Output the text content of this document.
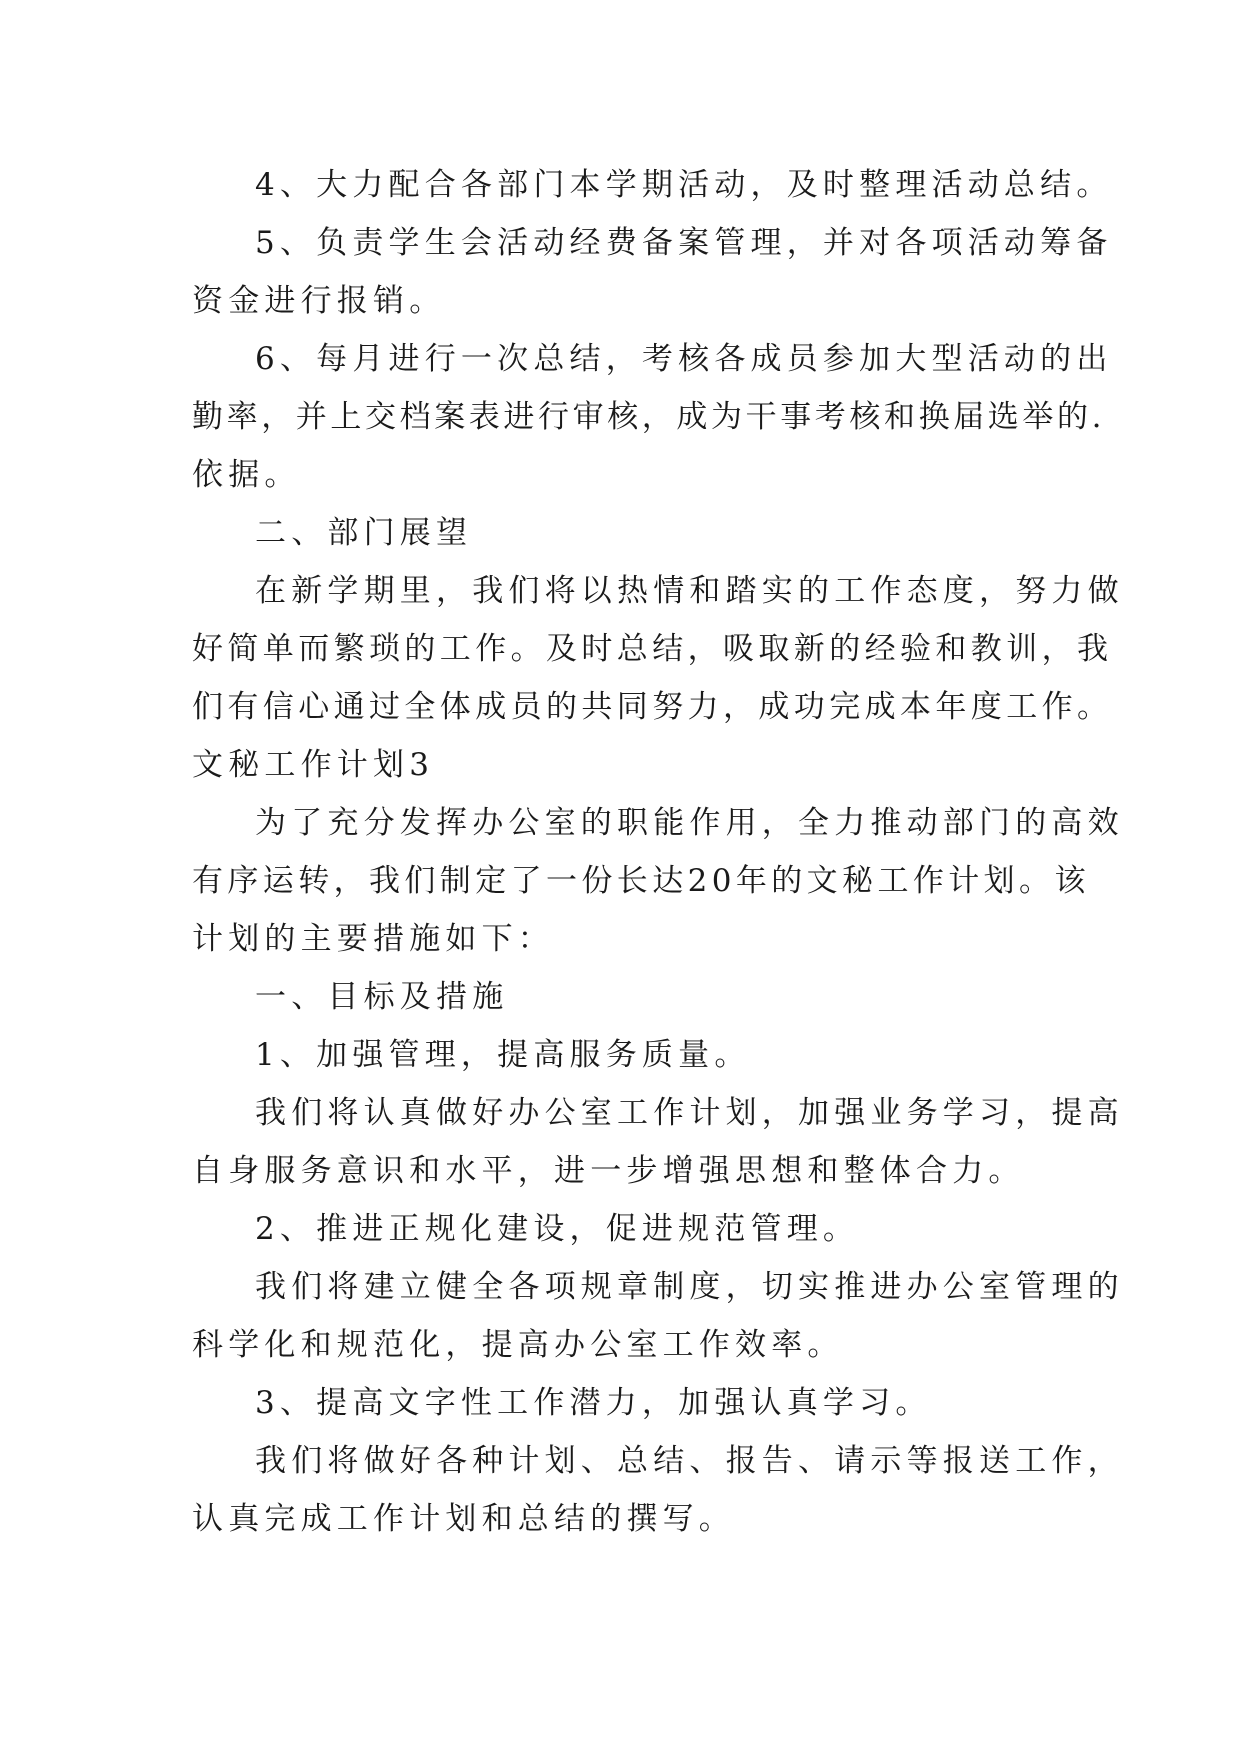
4、大力配合各部门本学期活动，及时整理活动总结。

5、负责学生会活动经费备案管理，并对各项活动筹备

资金进行报销。

6、每月进行一次总结，考核各成员参加大型活动的出

勤率，并上交档案表进行审核，成为干事考核和换届选举的.

依据。

二、部门展望

在新学期里，我们将以热情和踏实的工作态度，努力做

好简单而繁琐的工作。及时总结，吸取新的经验和教训，我

们有信心通过全体成员的共同努力，成功完成本年度工作。

文秘工作计划3

为了充分发挥办公室的职能作用，全力推动部门的高效

有序运转，我们制定了一份长达20年的文秘工作计划。该

计划的主要措施如下：

一、目标及措施

1、加强管理，提高服务质量。

我们将认真做好办公室工作计划，加强业务学习，提高

自身服务意识和水平，进一步增强思想和整体合力。

2、推进正规化建设，促进规范管理。

我们将建立健全各项规章制度，切实推进办公室管理的

科学化和规范化，提高办公室工作效率。

3、提高文字性工作潜力，加强认真学习。

我们将做好各种计划、总结、报告、请示等报送工作，

认真完成工作计划和总结的撰写。
